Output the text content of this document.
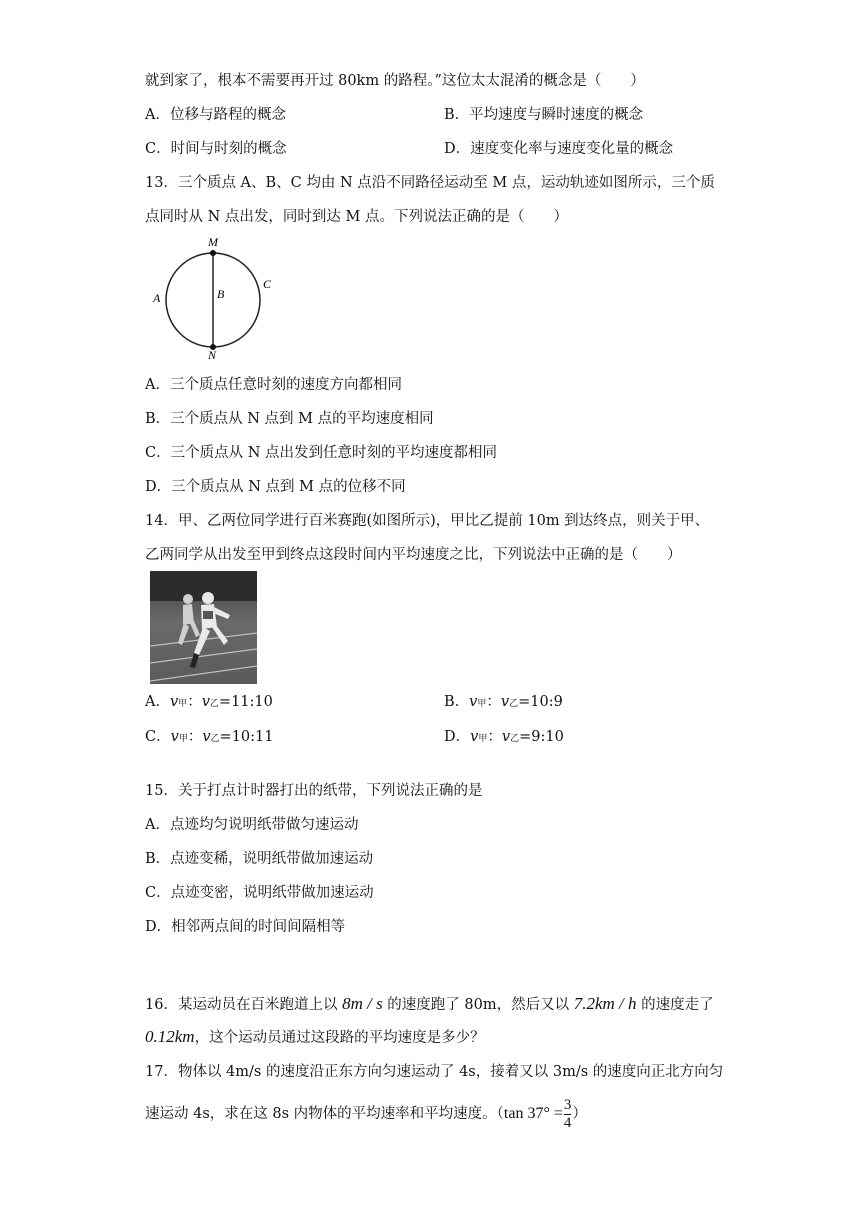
就到家了，根本不需要再开过 80km 的路程。”这位太太混淆的概念是（　　）
A．位移与路程的概念	B．平均速度与瞬时速度的概念
C．时间与时刻的概念	D．速度变化率与速度变化量的概念
13．三个质点 A、B、C 均由 N 点沿不同路径运动至 M 点，运动轨迹如图所示，三个质
点同时从 N 点出发，同时到达 M 点。下列说法正确的是（　　）
M
N
A	B
C
A．三个质点任意时刻的速度方向都相同
B．三个质点从 N 点到 M 点的平均速度相同
C．三个质点从 N 点出发到任意时刻的平均速度都相同
D．三个质点从 N 点到 M 点的位移不同
14．甲、乙两位同学进行百米赛跑(如图所示)，甲比乙提前 10m 到达终点，则关于甲、
乙两同学从出发至甲到终点这段时间内平均速度之比，下列说法中正确的是（　　）
A．v甲：v乙=11:10	B．v甲：v乙=10:9
C．v甲：v乙=10:11	D．v甲：v乙=9:10
15．关于打点计时器打出的纸带，下列说法正确的是
A．点迹均匀说明纸带做匀速运动
B．点迹变稀，说明纸带做加速运动
C．点迹变密，说明纸带做加速运动
D．相邻两点间的时间间隔相等
16．某运动员在百米跑道上以 8m / s 的速度跑了 80m，然后又以 7.2km / h 的速度走了
0.12km，这个运动员通过这段路的平均速度是多少？
17．物体以 4m/s 的速度沿正东方向匀速运动了 4s，接着又以 3m/s 的速度向正北方向匀
速运动 4s，求在这 8s 内物体的平均速率和平均速度。（tan $37^\circ = \frac{3}{4}$ ）
